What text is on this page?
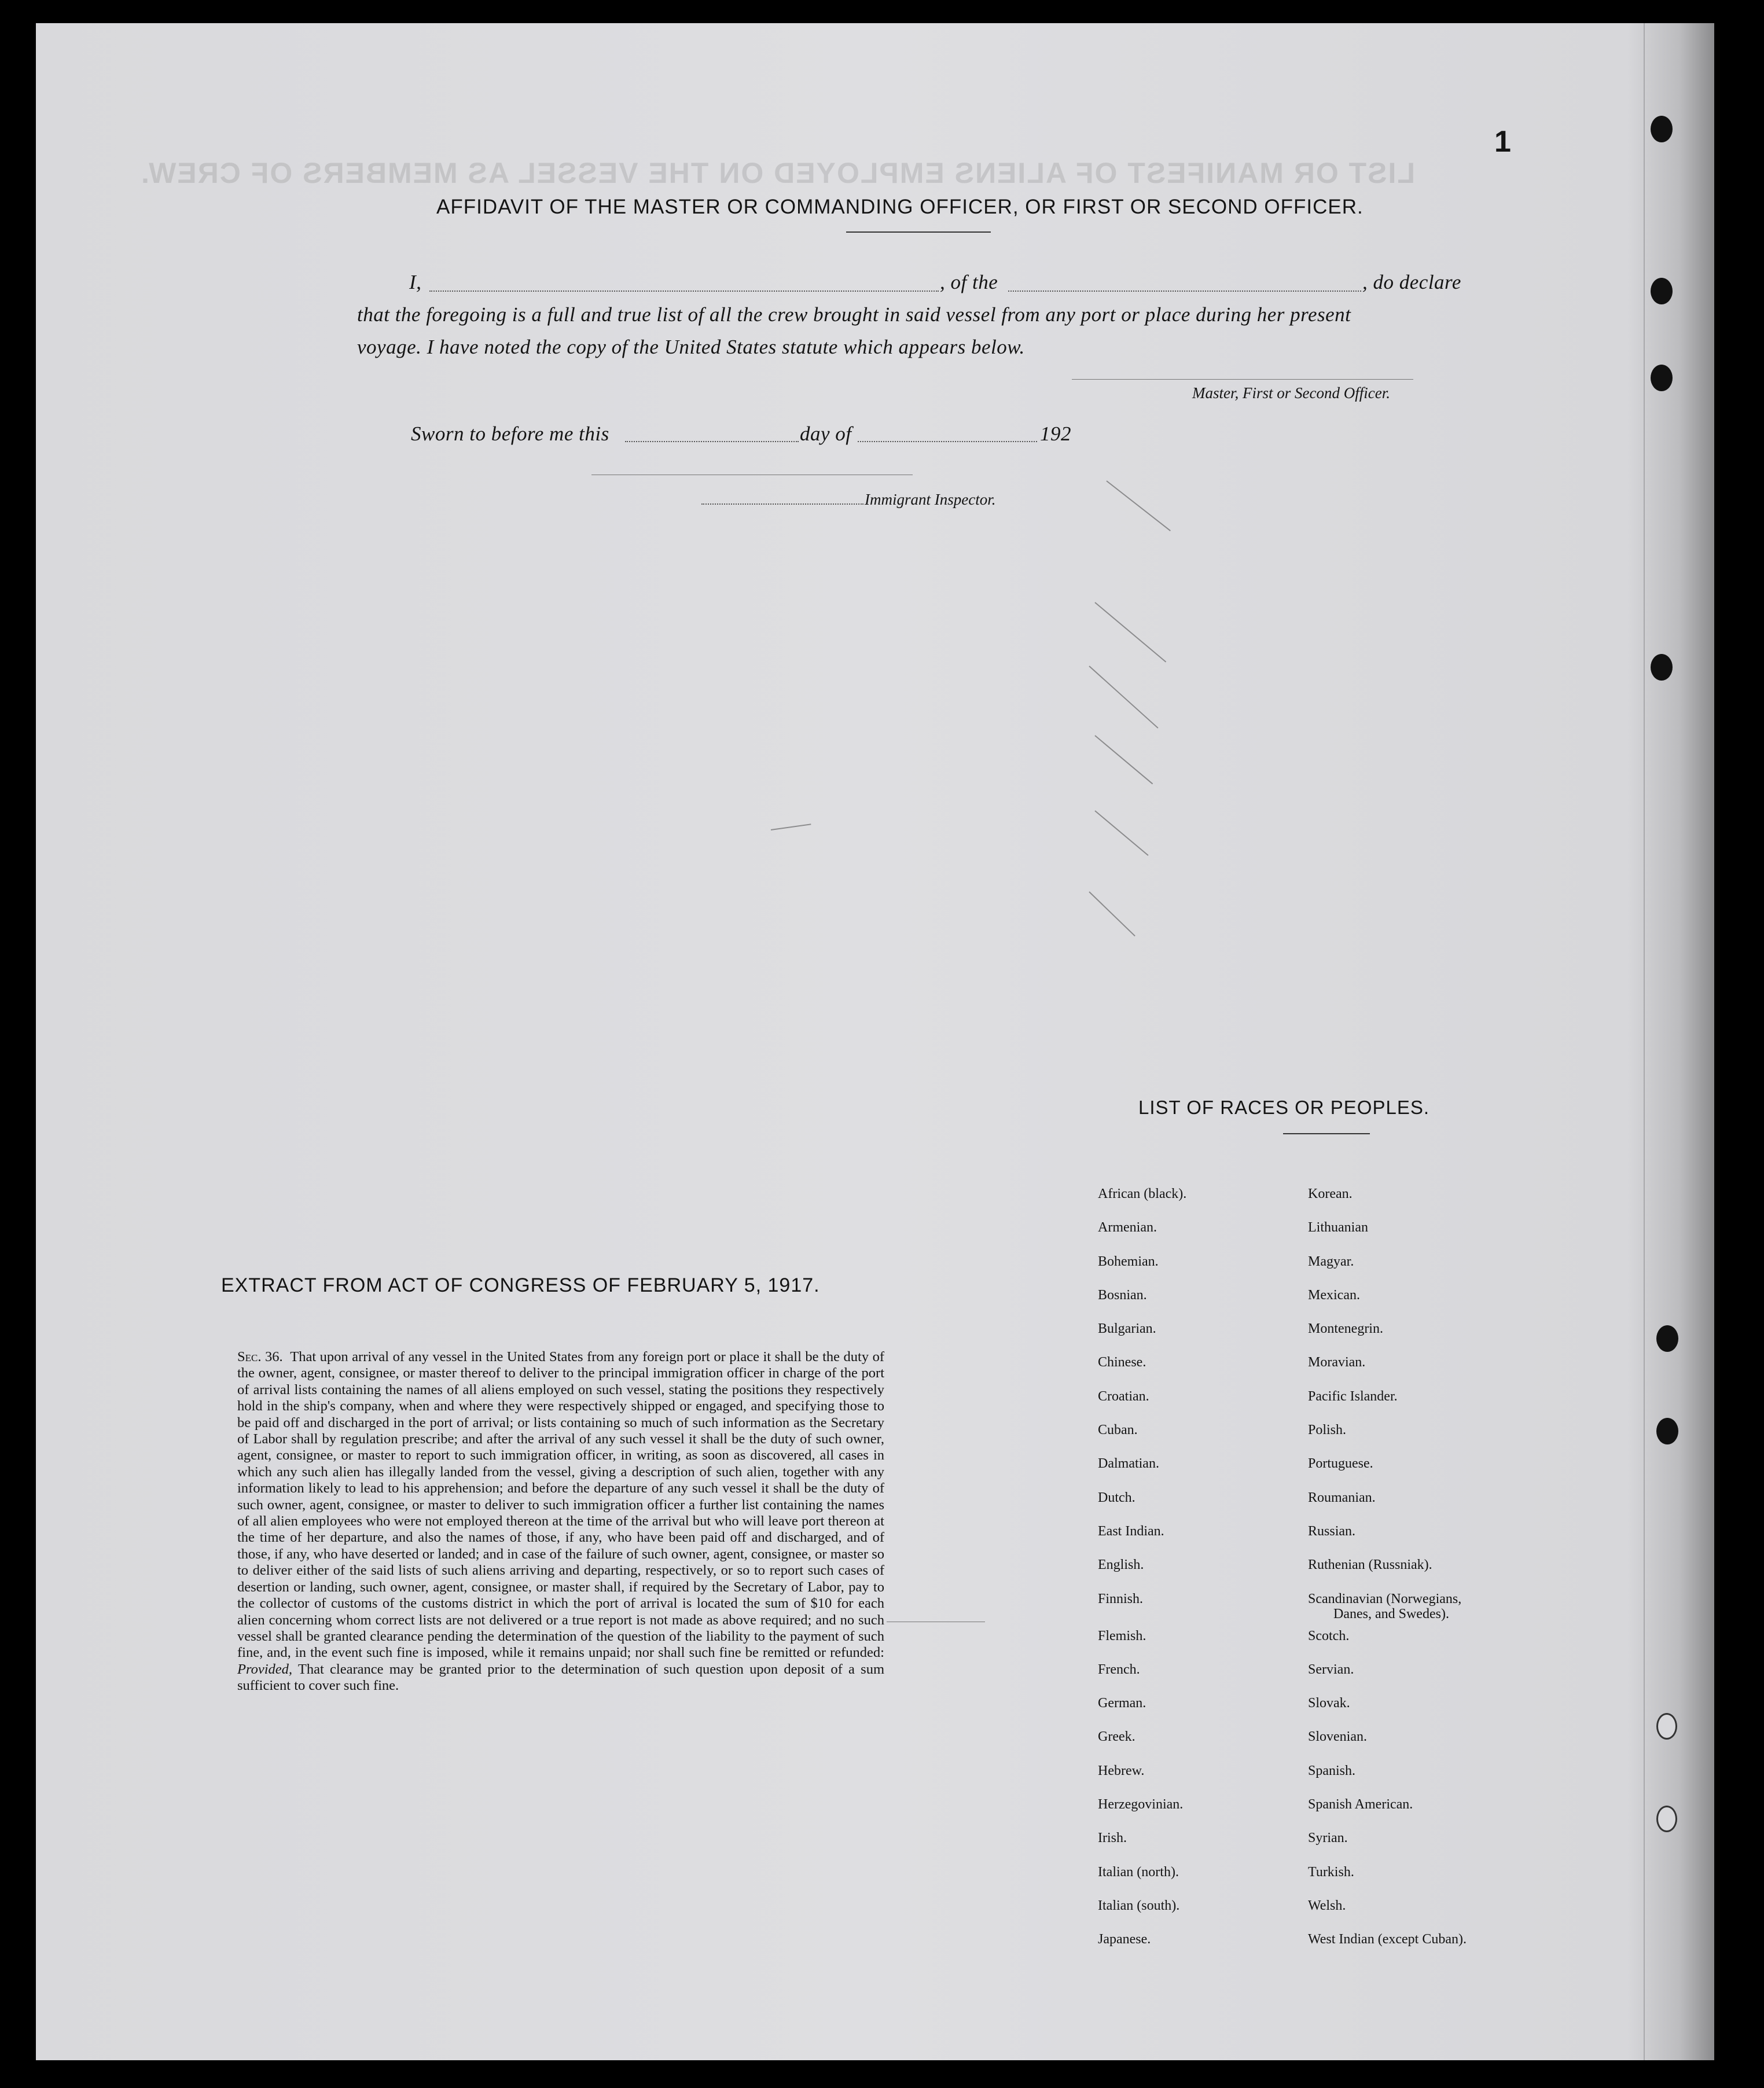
LIST OR MANIFEST OF ALIENS EMPLOYED ON THE VESSEL AS MEMBERS OF CREW.
1
AFFIDAVIT OF THE MASTER OR COMMANDING OFFICER, OR FIRST OR SECOND OFFICER.
I,	, of the	, do declare
that the foregoing is a full and true list of all the crew brought in said vessel from any port or place during her present
voyage. I have noted the copy of the United States statute which appears below.
Master, First or Second Officer.
Sworn to before me this	day of	192
Immigrant Inspector.
EXTRACT FROM ACT OF CONGRESS OF FEBRUARY 5, 1917.

Sec. 36. That upon arrival of any vessel in the United States from any foreign port or place it shall be the duty of the owner, agent, consignee, or master thereof to deliver to the principal immigration officer in charge of the port of arrival lists containing the names of all aliens employed on such vessel, stating the positions they respectively hold in the ship's company, when and where they were respectively shipped or engaged, and specifying those to be paid off and discharged in the port of arrival; or lists containing so much of such information as the Secretary of Labor shall by regulation prescribe; and after the arrival of any such vessel it shall be the duty of such owner, agent, consignee, or master to report to such immigration officer, in writing, as soon as discovered, all cases in which any such alien has illegally landed from the vessel, giving a description of such alien, together with any information likely to lead to his apprehension; and before the departure of any such vessel it shall be the duty of such owner, agent, consignee, or master to deliver to such immigration officer a further list containing the names of all alien employees who were not employed thereon at the time of the arrival but who will leave port thereon at the time of her departure, and also the names of those, if any, who have been paid off and discharged, and of those, if any, who have deserted or landed; and in case of the failure of such owner, agent, consignee, or master so to deliver either of the said lists of such aliens arriving and departing, respectively, or so to report such cases of desertion or landing, such owner, agent, consignee, or master shall, if required by the Secretary of Labor, pay to the collector of customs of the customs district in which the port of arrival is located the sum of $10 for each alien concerning whom correct lists are not delivered or a true report is not made as above required; and no such vessel shall be granted clearance pending the determination of the question of the liability to the payment of such fine, and, in the event such fine is imposed, while it remains unpaid; nor shall such fine be remitted or refunded: Provided, That clearance may be granted prior to the determination of such question upon deposit of a sum sufficient to cover such fine.

LIST OF RACES OR PEOPLES.
African (black).
Armenian.
Bohemian.
Bosnian.
Bulgarian.
Chinese.
Croatian.
Cuban.
Dalmatian.
Dutch.
East Indian.
English.
Finnish.
Flemish.
French.
German.
Greek.
Hebrew.
Herzegovinian.
Irish.
Italian (north).
Italian (south).
Japanese.
Korean.
Lithuanian
Magyar.
Mexican.
Montenegrin.
Moravian.
Pacific Islander.
Polish.
Portuguese.
Roumanian.
Russian.
Ruthenian (Russniak).
Scandinavian (Norwegians,
Danes, and Swedes).
Scotch.
Servian.
Slovak.
Slovenian.
Spanish.
Spanish American.
Syrian.
Turkish.
Welsh.
West Indian (except Cuban).
